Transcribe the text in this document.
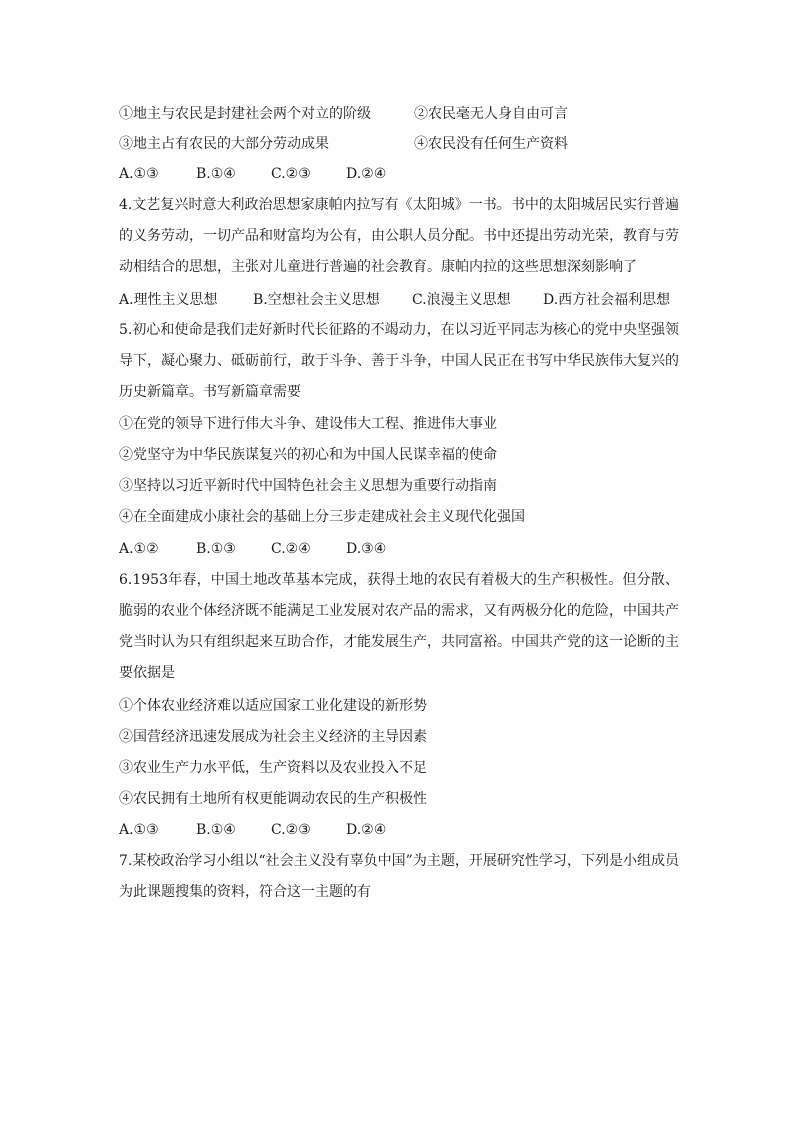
①地主与农民是封建社会两个对立的阶级	②农民毫无人身自由可言
③地主占有农民的大部分劳动成果	④农民没有任何生产资料
A.①③	B.①④	C.②③	D.②④
4.文艺复兴时意大利政治思想家康帕内拉写有《太阳城》一书。书中的太阳城居民实行普遍的义务劳动，一切产品和财富均为公有，由公职人员分配。书中还提出劳动光荣，教育与劳动相结合的思想，主张对儿童进行普遍的社会教育。康帕内拉的这些思想深刻影响了
A.理性主义思想	B.空想社会主义思想 C.浪漫主义思想 D.西方社会福利思想
5.初心和使命是我们走好新时代长征路的不竭动力，在以习近平同志为核心的党中央坚强领导下，凝心聚力、砥砺前行，敢于斗争、善于斗争，中国人民正在书写中华民族伟大复兴的历史新篇章。书写新篇章需要
①在党的领导下进行伟大斗争、建设伟大工程、推进伟大事业
②党坚守为中华民族谋复兴的初心和为中国人民谋幸福的使命
③坚持以习近平新时代中国特色社会主义思想为重要行动指南
④在全面建成小康社会的基础上分三步走建成社会主义现代化强国
A.①②	B.①③	C.②④	D.③④
6.1953年春，中国土地改革基本完成，获得土地的农民有着极大的生产积极性。但分散、脆弱的农业个体经济既不能满足工业发展对农产品的需求，又有两极分化的危险，中国共产党当时认为只有组织起来互助合作，才能发展生产，共同富裕。中国共产党的这一论断的主要依据是
①个体农业经济难以适应国家工业化建设的新形势
②国营经济迅速发展成为社会主义经济的主导因素
③农业生产力水平低，生产资料以及农业投入不足
④农民拥有土地所有权更能调动农民的生产积极性
A.①③	B.①④	C.②③	D.②④
7.某校政治学习小组以“社会主义没有辜负中国”为主题，开展研究性学习，下列是小组成员为此课题搜集的资料，符合这一主题的有
